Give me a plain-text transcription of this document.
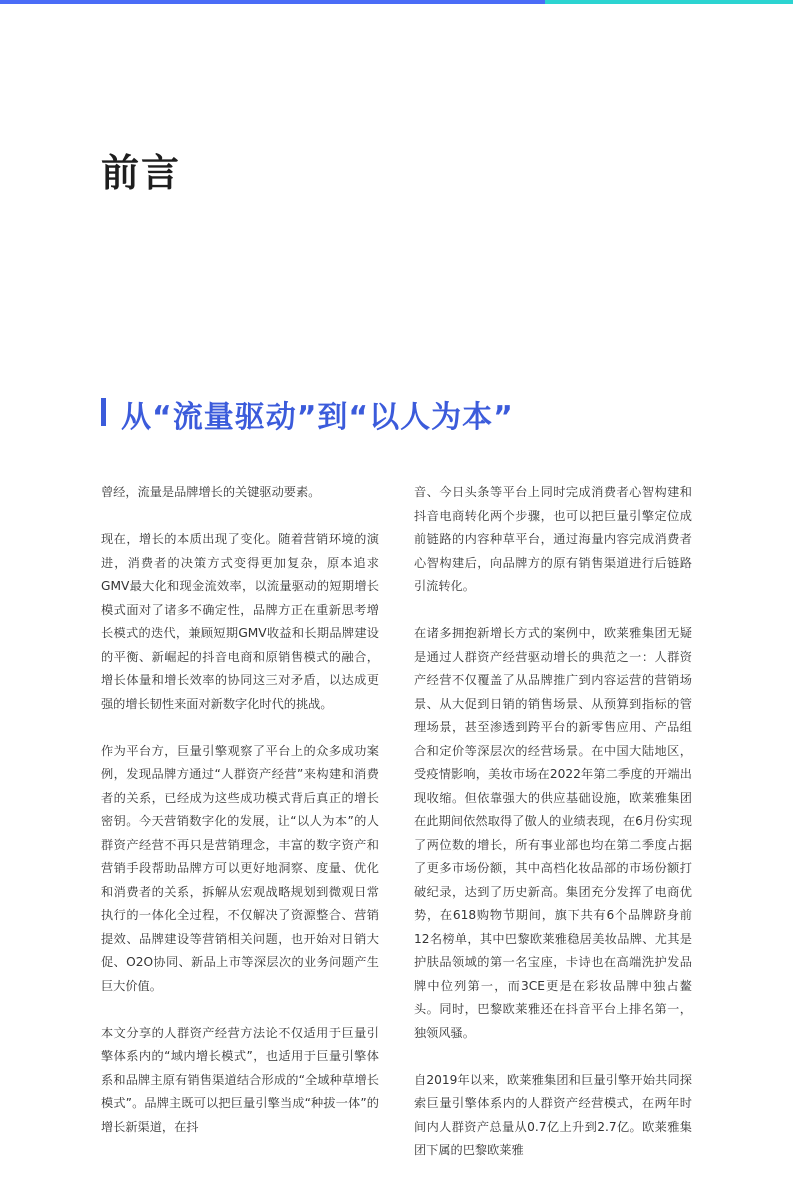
前言
从“流量驱动”到“以人为本”

曾经，流量是品牌增长的关键驱动要素。

现在，增长的本质出现了变化。随着营销环境的演进，消费者的决策方式变得更加复杂，原本追求GMV最大化和现金流效率，以流量驱动的短期增长模式面对了诸多不确定性，品牌方正在重新思考增长模式的迭代，兼顾短期GMV收益和长期品牌建设的平衡、新崛起的抖音电商和原销售模式的融合，增长体量和增长效率的协同这三对矛盾，以达成更强的增长韧性来面对新数字化时代的挑战。

作为平台方，巨量引擎观察了平台上的众多成功案例，发现品牌方通过“人群资产经营”来构建和消费者的关系，已经成为这些成功模式背后真正的增长密钥。今天营销数字化的发展，让“以人为本”的人群资产经营不再只是营销理念，丰富的数字资产和营销手段帮助品牌方可以更好地洞察、度量、优化和消费者的关系，拆解从宏观战略规划到微观日常执行的一体化全过程，不仅解决了资源整合、营销提效、品牌建设等营销相关问题，也开始对日销大促、O2O协同、新品上市等深层次的业务问题产生巨大价值。

本文分享的人群资产经营方法论不仅适用于巨量引擎体系内的“域内增长模式”，也适用于巨量引擎体系和品牌主原有销售渠道结合形成的“全域种草增长模式”。品牌主既可以把巨量引擎当成“种拔一体”的增长新渠道，在抖

音、今日头条等平台上同时完成消费者心智构建和抖音电商转化两个步骤，也可以把巨量引擎定位成前链路的内容种草平台，通过海量内容完成消费者心智构建后，向品牌方的原有销售渠道进行后链路引流转化。

在诸多拥抱新增长方式的案例中，欧莱雅集团无疑是通过人群资产经营驱动增长的典范之一：人群资产经营不仅覆盖了从品牌推广到内容运营的营销场景、从大促到日销的销售场景、从预算到指标的管理场景，甚至渗透到跨平台的新零售应用、产品组合和定价等深层次的经营场景。在中国大陆地区，受疫情影响，美妆市场在2022年第二季度的开端出现收缩。但依靠强大的供应基础设施，欧莱雅集团在此期间依然取得了傲人的业绩表现，在6月份实现了两位数的增长，所有事业部也均在第二季度占据了更多市场份额，其中高档化妆品部的市场份额打破纪录，达到了历史新高。集团充分发挥了电商优势，在618购物节期间，旗下共有6个品牌跻身前12名榜单，其中巴黎欧莱雅稳居美妆品牌、尤其是护肤品领域的第一名宝座，卡诗也在高端洗护发品牌中位列第一，而3CE更是在彩妆品牌中独占鳌头。同时，巴黎欧莱雅还在抖音平台上排名第一，独领风骚。

自2019年以来，欧莱雅集团和巨量引擎开始共同探索巨量引擎体系内的人群资产经营模式，在两年时间内人群资产总量从0.7亿上升到2.7亿。欧莱雅集团下属的巴黎欧莱雅
